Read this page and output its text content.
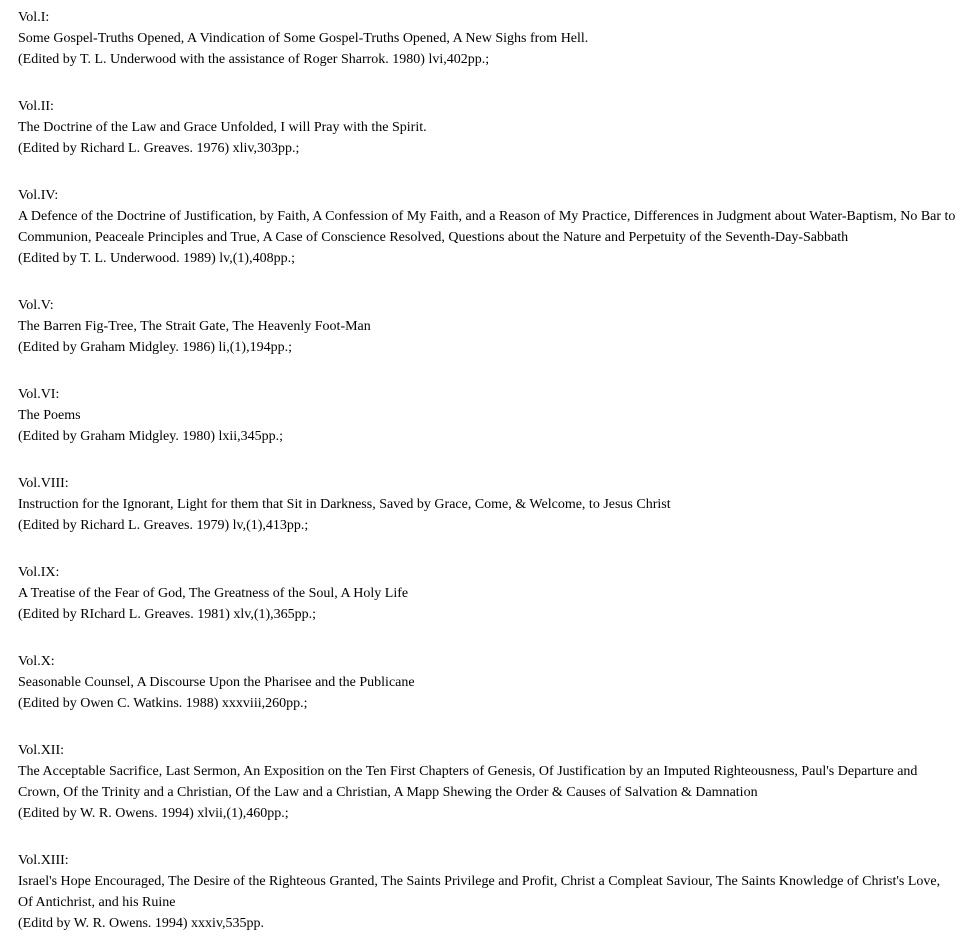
Vol.I:
Some Gospel-Truths Opened, A Vindication of Some Gospel-Truths Opened, A New Sighs from Hell.
(Edited by T. L. Underwood with the assistance of Roger Sharrok. 1980) lvi,402pp.;
Vol.II:
The Doctrine of the Law and Grace Unfolded, I will Pray with the Spirit.
(Edited by Richard L. Greaves. 1976) xliv,303pp.;
Vol.IV:
A Defence of the Doctrine of Justification, by Faith, A Confession of My Faith, and a Reason of My Practice, Differences in Judgment about Water-Baptism, No Bar to Communion, Peaceale Principles and True, A Case of Conscience Resolved, Questions about the Nature and Perpetuity of the Seventh-Day-Sabbath
(Edited by T. L. Underwood. 1989) lv,(1),408pp.;
Vol.V:
The Barren Fig-Tree, The Strait Gate, The Heavenly Foot-Man
(Edited by Graham Midgley. 1986) li,(1),194pp.;
Vol.VI:
The Poems
(Edited by Graham Midgley. 1980) lxii,345pp.;
Vol.VIII:
Instruction for the Ignorant, Light for them that Sit in Darkness, Saved by Grace, Come, & Welcome, to Jesus Christ
(Edited by Richard L. Greaves. 1979) lv,(1),413pp.;
Vol.IX:
A Treatise of the Fear of God, The Greatness of the Soul, A Holy Life
(Edited by RIchard L. Greaves. 1981) xlv,(1),365pp.;
Vol.X:
Seasonable Counsel, A Discourse Upon the Pharisee and the Publicane
(Edited by Owen C. Watkins. 1988) xxxviii,260pp.;
Vol.XII:
The Acceptable Sacrifice, Last Sermon, An Exposition on the Ten First Chapters of Genesis, Of Justification by an Imputed Righteousness, Paul's Departure and Crown, Of the Trinity and a Christian, Of the Law and a Christian, A Mapp Shewing the Order & Causes of Salvation & Damnation
(Edited by W. R. Owens. 1994) xlvii,(1),460pp.;
Vol.XIII:
Israel's Hope Encouraged, The Desire of the Righteous Granted, The Saints Privilege and Profit, Christ a Compleat Saviour, The Saints Knowledge of Christ's Love, Of Antichrist, and his Ruine
(Editd by W. R. Owens. 1994) xxxiv,535pp.
